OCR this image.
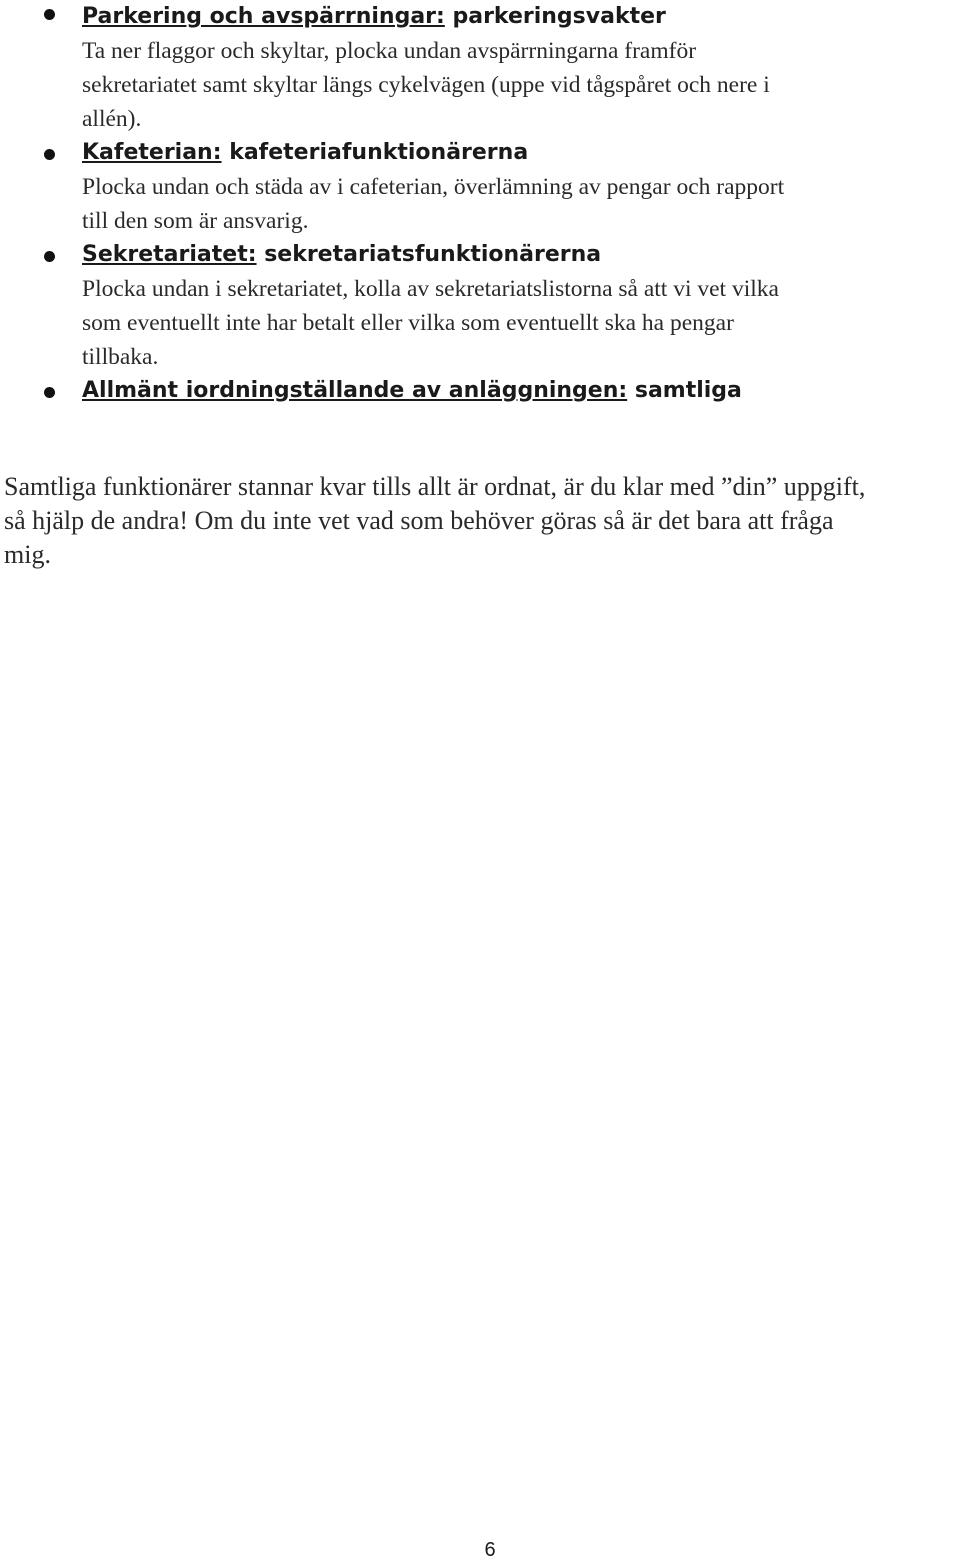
Parkering och avspärrningar: parkeringsvakter
Ta ner flaggor och skyltar, plocka undan avspärrningarna framför
sekretariatet samt skyltar längs cykelvägen (uppe vid tågspåret och nere i
allén).
Kafeterian: kafeteriafunktionärerna
Plocka undan och städa av i cafeterian, överlämning av pengar och rapport
till den som är ansvarig.
Sekretariatet: sekretariatsfunktionärerna
Plocka undan i sekretariatet, kolla av sekretariatslistorna så att vi vet vilka
som eventuellt inte har betalt eller vilka som eventuellt ska ha pengar
tillbaka.
Allmänt iordningställande av anläggningen: samtliga

Samtliga funktionärer stannar kvar tills allt är ordnat, är du klar med ”din” uppgift,
så hjälp de andra! Om du inte vet vad som behöver göras så är det bara att fråga
mig.

6
